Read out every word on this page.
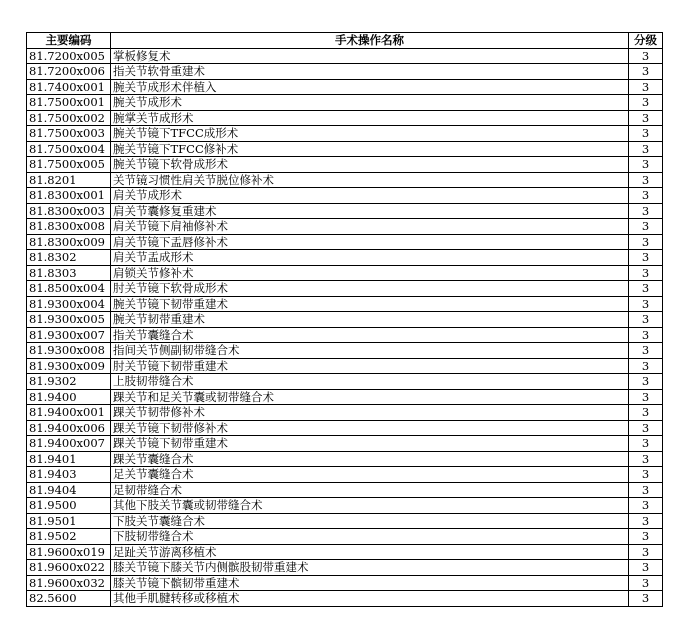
主要编码	手术操作名称	分级
81.7200x005	掌板修复术	3
81.7200x006	指关节软骨重建术	3
81.7400x001	腕关节成形术伴植入	3
81.7500x001	腕关节成形术	3
81.7500x002	腕掌关节成形术	3
81.7500x003	腕关节镜下TFCC成形术	3
81.7500x004	腕关节镜下TFCC修补术	3
81.7500x005	腕关节镜下软骨成形术	3
81.8201	关节镜习惯性肩关节脱位修补术	3
81.8300x001	肩关节成形术	3
81.8300x003	肩关节囊修复重建术	3
81.8300x008	肩关节镜下肩袖修补术	3
81.8300x009	肩关节镜下盂唇修补术	3
81.8302	肩关节盂成形术	3
81.8303	肩锁关节修补术	3
81.8500x004	肘关节镜下软骨成形术	3
81.9300x004	腕关节镜下韧带重建术	3
81.9300x005	腕关节韧带重建术	3
81.9300x007	指关节囊缝合术	3
81.9300x008	指间关节侧副韧带缝合术	3
81.9300x009	肘关节镜下韧带重建术	3
81.9302	上肢韧带缝合术	3
81.9400	踝关节和足关节囊或韧带缝合术	3
81.9400x001	踝关节韧带修补术	3
81.9400x006	踝关节镜下韧带修补术	3
81.9400x007	踝关节镜下韧带重建术	3
81.9401	踝关节囊缝合术	3
81.9403	足关节囊缝合术	3
81.9404	足韧带缝合术	3
81.9500	其他下肢关节囊或韧带缝合术	3
81.9501	下肢关节囊缝合术	3
81.9502	下肢韧带缝合术	3
81.9600x019	足趾关节游离移植术	3
81.9600x022	膝关节镜下膝关节内侧髌股韧带重建术	3
81.9600x032	膝关节镜下髌韧带重建术	3
82.5600	其他手肌腱转移或移植术	3
